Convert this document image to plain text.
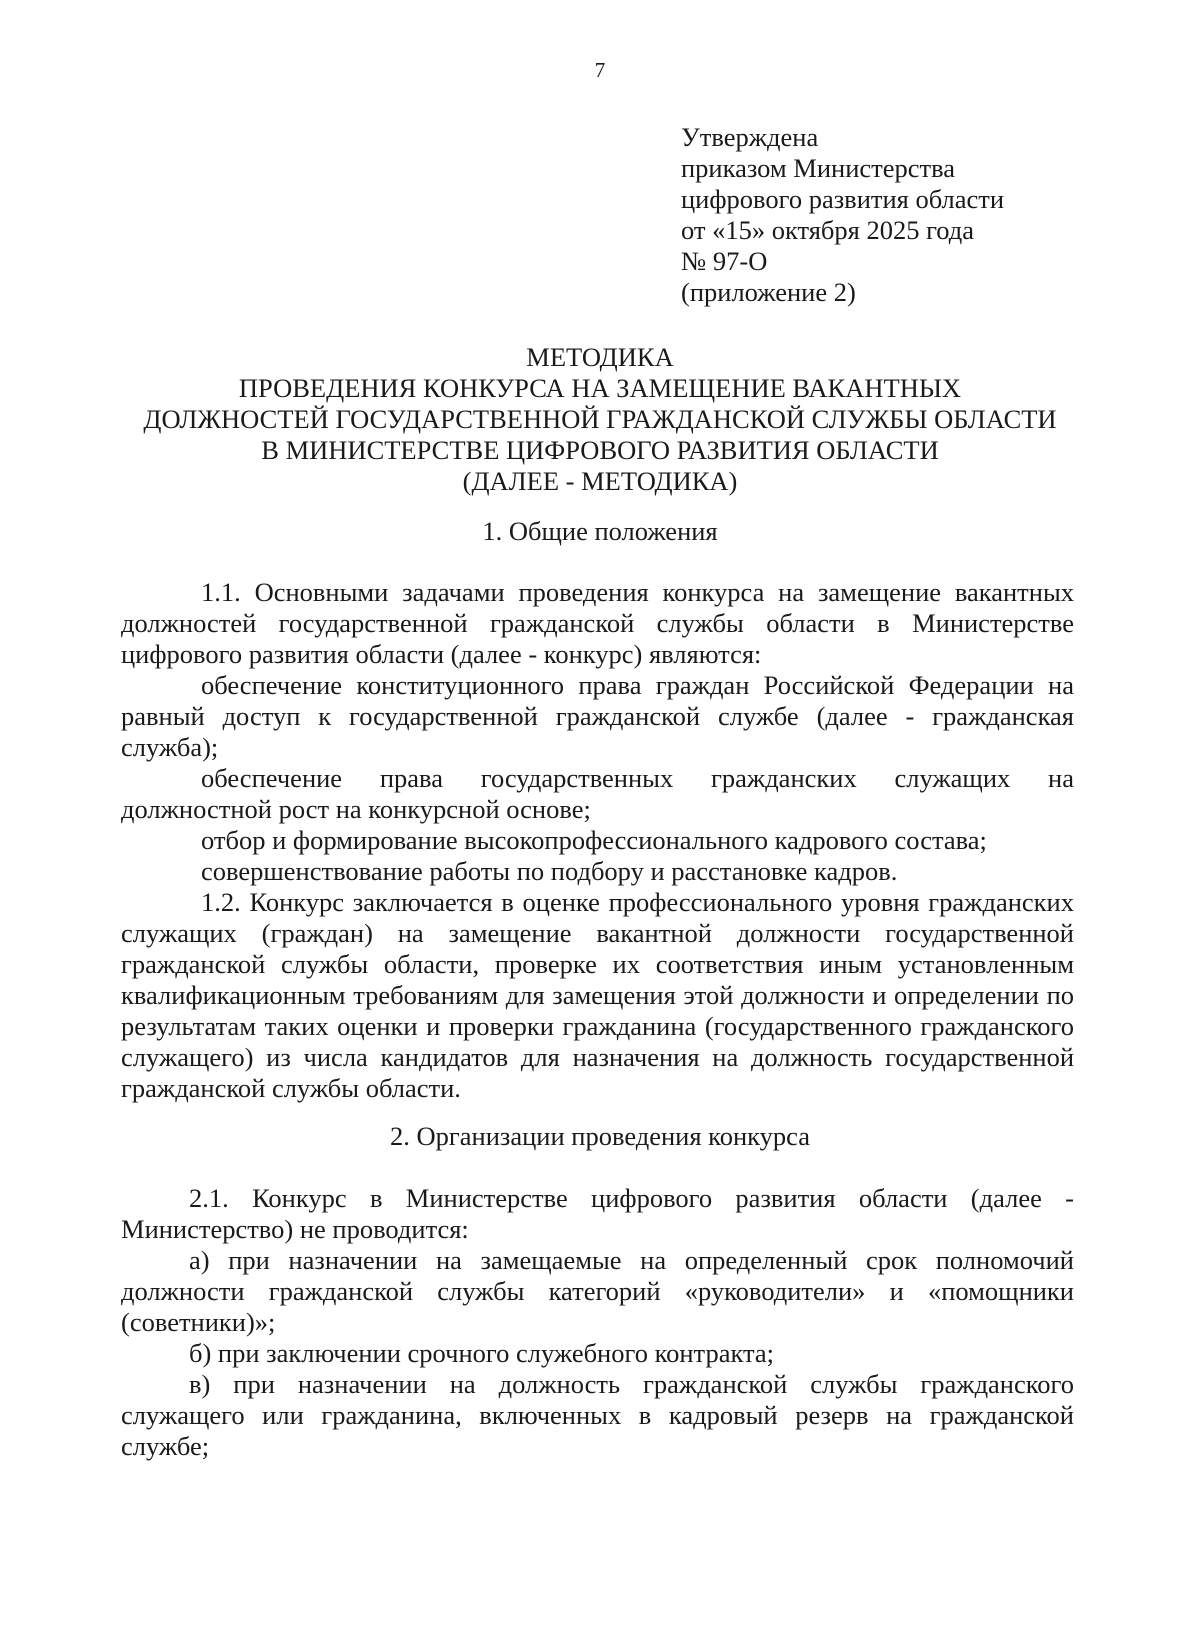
7
Утверждена
приказом Министерства
цифрового развития области
от «15» октября 2025 года
№ 97-О
(приложение 2)
МЕТОДИКА
ПРОВЕДЕНИЯ КОНКУРСА НА ЗАМЕЩЕНИЕ ВАКАНТНЫХ
ДОЛЖНОСТЕЙ ГОСУДАРСТВЕННОЙ ГРАЖДАНСКОЙ СЛУЖБЫ ОБЛАСТИ
В МИНИСТЕРСТВЕ ЦИФРОВОГО РАЗВИТИЯ ОБЛАСТИ
(ДАЛЕЕ - МЕТОДИКА)
1. Общие положения

1.1. Основными задачами проведения конкурса на замещение вакантных должностей государственной гражданской службы области в Министерстве цифрового развития области (далее - конкурс) являются:

обеспечение конституционного права граждан Российской Федерации на равный доступ к государственной гражданской службе (далее - гражданская служба);

обеспечение права государственных гражданских служащих на должностной рост на конкурсной основе;

отбор и формирование высокопрофессионального кадрового состава;

совершенствование работы по подбору и расстановке кадров.

1.2. Конкурс заключается в оценке профессионального уровня гражданских служащих (граждан) на замещение вакантной должности государственной гражданской службы области, проверке их соответствия иным установленным квалификационным требованиям для замещения этой должности и определении по результатам таких оценки и проверки гражданина (государственного гражданского служащего) из числа кандидатов для назначения на должность государственной гражданской службы области.

2. Организации проведения конкурса

2.1. Конкурс в Министерстве цифрового развития области (далее - Министерство) не проводится:

а) при назначении на замещаемые на определенный срок полномочий должности гражданской службы категорий «руководители» и «помощники (советники)»;

б) при заключении срочного служебного контракта;

в) при назначении на должность гражданской службы гражданского служащего или гражданина, включенных в кадровый резерв на гражданской службе;
